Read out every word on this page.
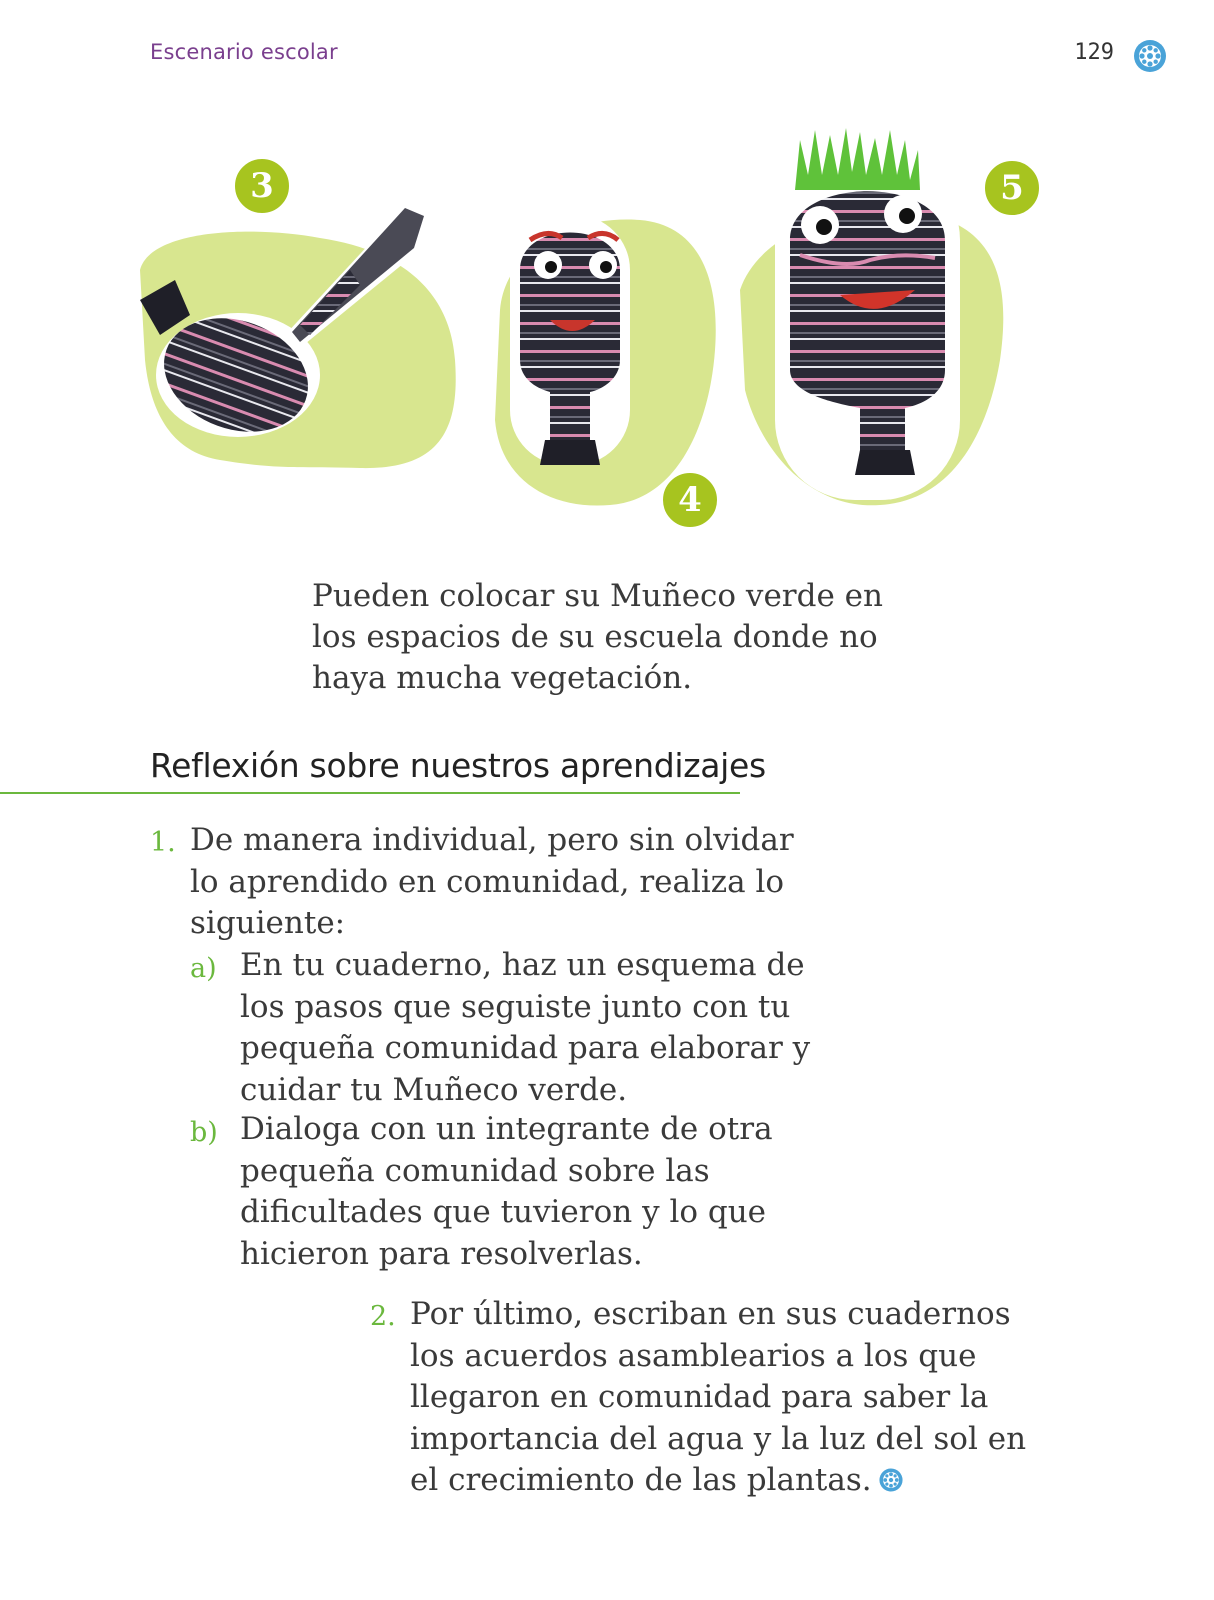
Escenario escolar	129
3
4
5
Pueden colocar su Muñeco verde en
los espacios de su escuela donde no
haya mucha vegetación.
Reflexión sobre nuestros aprendizajes
1. De manera individual, pero sin olvidar
lo aprendido en comunidad, realiza lo
siguiente:
a) En tu cuaderno, haz un esquema de
los pasos que seguiste junto con tu
pequeña comunidad para elaborar y
cuidar tu Muñeco verde.
b) Dialoga con un integrante de otra
pequeña comunidad sobre las
dificultades que tuvieron y lo que
hicieron para resolverlas.
2. Por último, escriban en sus cuadernos
los acuerdos asamblearios a los que
llegaron en comunidad para saber la
importancia del agua y la luz del sol en
el crecimiento de las plantas.
